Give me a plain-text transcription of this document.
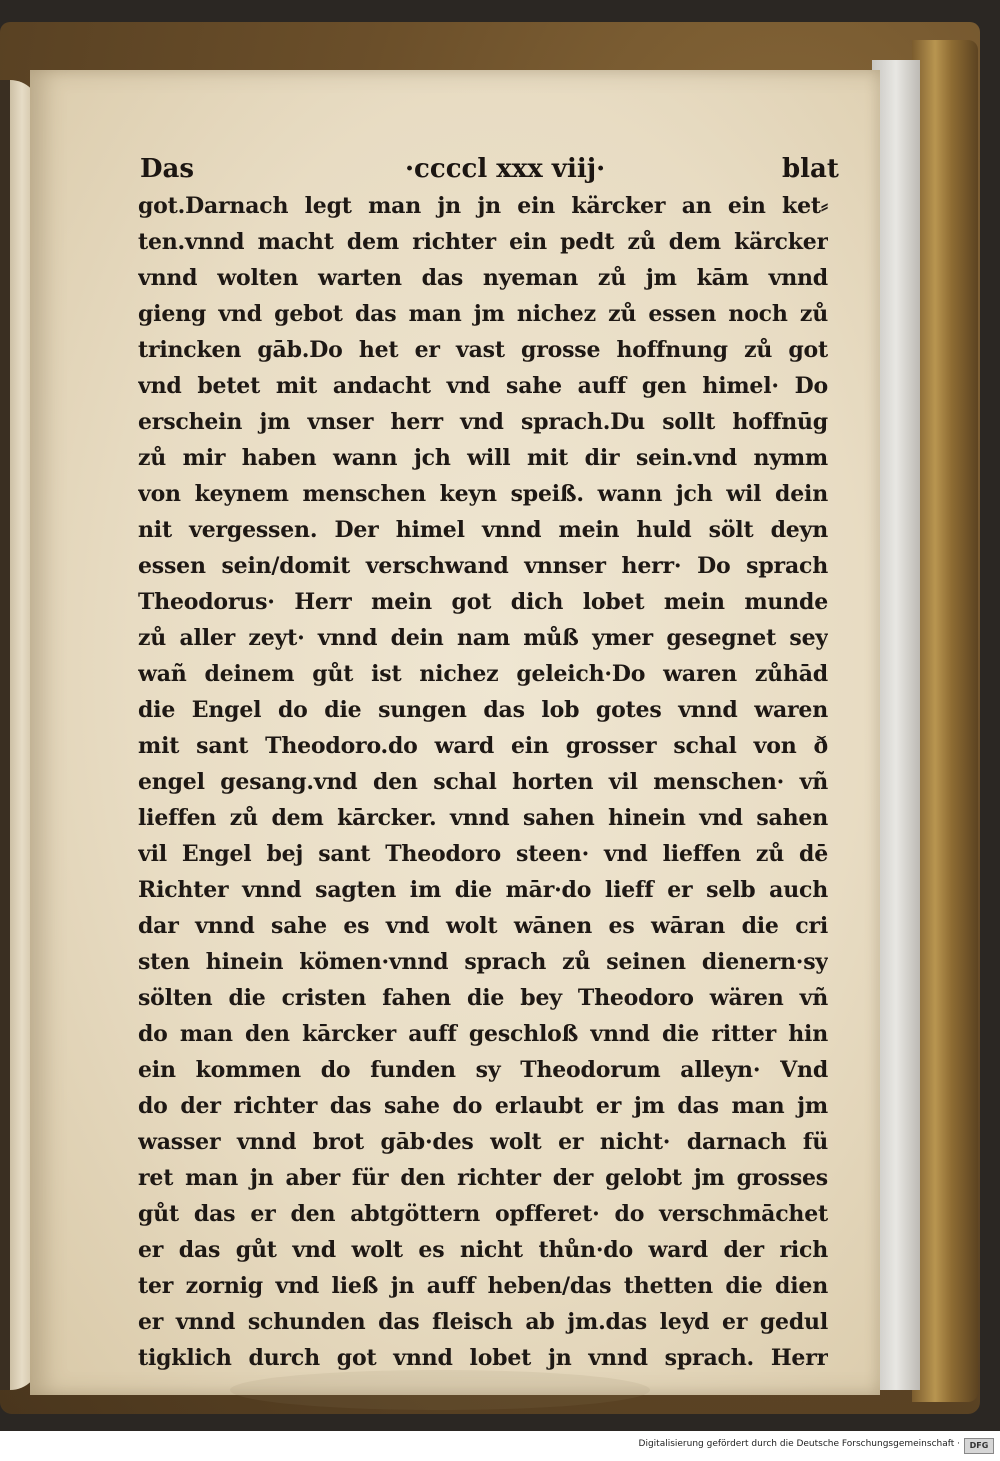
Das	·ccccl xxx viij·	blat
got.Darnach legt man jn jn ein kärcker an ein ket⸗
ten.vnnd macht dem richter ein pedt zů dem kärcker
vnnd wolten warten das nyeman zů jm kām vnnd
gieng vnd gebot das man jm nichez zů essen noch zů
trincken gāb.Do het er vast grosse hoffnung zů got
vnd betet mit andacht vnd sahe auff gen himel· Do
erschein jm vnser herr vnd sprach.Du sollt hoffnūg
zů mir haben wann jch will mit dir sein.vnd nymm
von keynem menschen keyn speiß. wann jch wil dein
nit vergessen. Der himel vnnd mein huld sölt deyn
essen sein/domit verschwand vnnser herr· Do sprach
Theodorus· Herr mein got dich lobet mein munde
zů aller zeyt· vnnd dein nam můß ymer gesegnet sey
wañ deinem gůt ist nichez geleich·Do waren zůhād
die Engel do die sungen das lob gotes vnnd waren
mit sant Theodoro.do ward ein grosser schal von ð
engel gesang.vnd den schal horten vil menschen· vñ
lieffen zů dem kārcker. vnnd sahen hinein vnd sahen
vil Engel bej sant Theodoro steen· vnd lieffen zů dē
Richter vnnd sagten im die mār·do lieff er selb auch
dar vnnd sahe es vnd wolt wānen es wāran die cri
sten hinein kömen·vnnd sprach zů seinen dienern·sy
sölten die cristen fahen die bey Theodoro wären vñ
do man den kārcker auff geschloß vnnd die ritter hin
ein kommen do funden sy Theodorum alleyn· Vnd
do der richter das sahe do erlaubt er jm das man jm
wasser vnnd brot gāb·des wolt er nicht· darnach fü
ret man jn aber für den richter der gelobt jm grosses
gůt das er den abtgöttern opfferet· do verschmāchet
er das gůt vnd wolt es nicht thůn·do ward der rich
ter zornig vnd ließ jn auff heben/das thetten die dien
er vnnd schunden das fleisch ab jm.das leyd er gedul
tigklich durch got vnnd lobet jn vnnd sprach. Herr
Digitalisierung gefördert durch die Deutsche Forschungsgemeinschaft ·	DFG
